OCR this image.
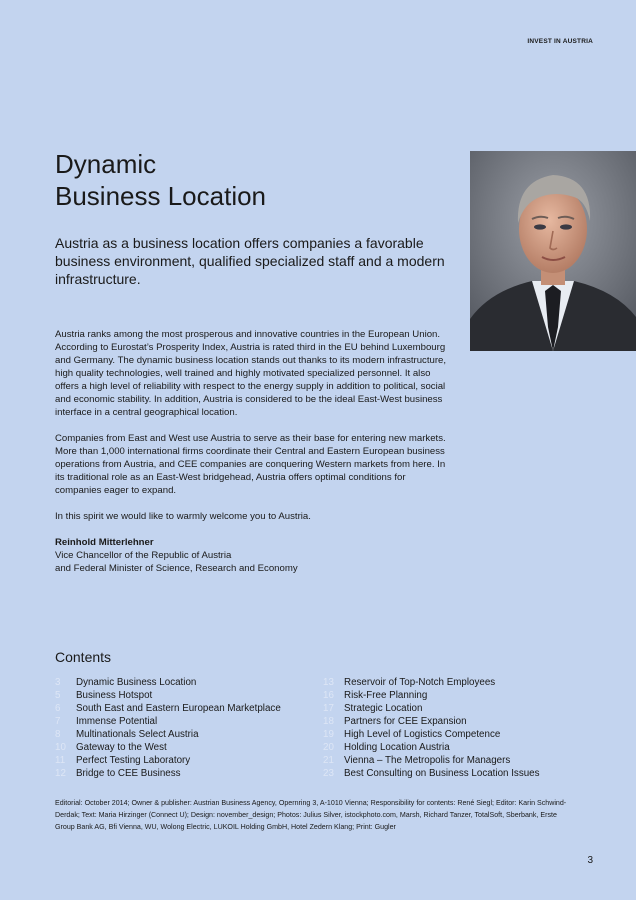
INVEST IN AUSTRIA
Dynamic
Business Location

Austria as a business location offers companies a favorable business environment, qualified specialized staff and a modern infrastructure.

Austria ranks among the most prosperous and innovative countries in the European Union. According to Eurostat’s Prosperity Index, Austria is rated third in the EU behind Luxembourg and Germany. The dynamic business location stands out thanks to its modern infrastructure, high quality technologies, well trained and highly motivated specialized personnel. It also offers a high level of reliability with respect to the energy supply in addition to political, social and economic stability. In addition, Austria is considered to be the ideal East-West business interface in a central geographical location.

Companies from East and West use Austria to serve as their base for entering new markets. More than 1,000 international firms coordinate their Central and Eastern European business operations from Austria, and CEE companies are conquering Western markets from here. In its traditional role as an East-West bridgehead, Austria offers optimal conditions for companies eager to expand.

In this spirit we would like to warmly welcome you to Austria.

Reinhold Mitterlehner
Vice Chancellor of the Republic of Austria
and Federal Minister of Science, Research and Economy

Contents
3	Dynamic Business Location
5	Business Hotspot
6	South East and Eastern European Marketplace
7	Immense Potential
8	Multinationals Select Austria
10	Gateway to the West
11	Perfect Testing Laboratory
12	Bridge to CEE Business
13	Reservoir of Top-Notch Employees
16	Risk-Free Planning
17	Strategic Location
18	Partners for CEE Expansion
19	High Level of Logistics Competence
20	Holding Location Austria
21	Vienna – The Metropolis for Managers
23	Best Consulting on Business Location Issues

Editorial: October 2014; Owner & publisher: Austrian Business Agency, Opernring 3, A-1010 Vienna; Responsibility for contents: René Siegl; Editor: Karin Schwind-Derdak; Text: Maria Hirzinger (Connect U); Design: november_design; Photos: Julius Silver, istockphoto.com, Marsh, Richard Tanzer, TotalSoft, Sberbank, Erste Group Bank AG, Bfi Vienna, WU, Wolong Electric, LUKOIL Holding GmbH, Hotel Zedern Klang; Print: Gugler

3
